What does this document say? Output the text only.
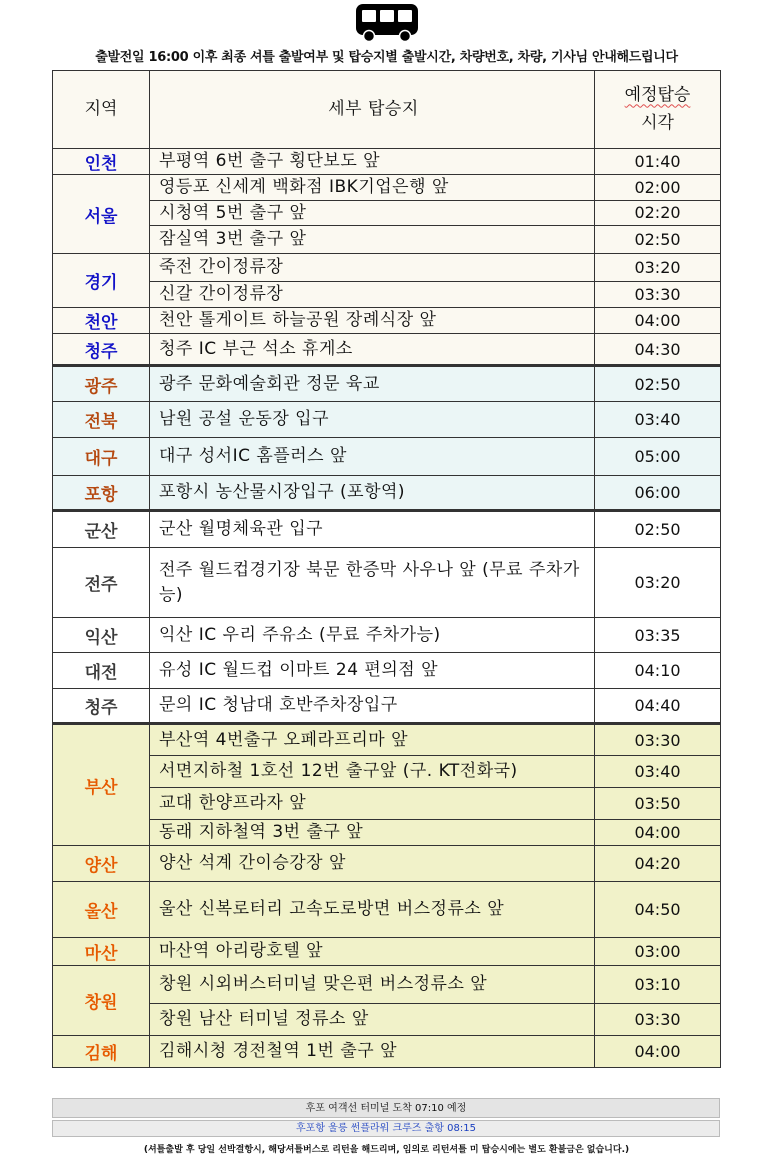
출발전일 16:00 이후 최종 셔틀 출발여부 및 탑승지별 출발시간, 차량번호, 차량, 기사님 안내해드립니다
지역	세부 탑승지	예정탑승
시각
인천	부평역 6번 출구 횡단보도 앞	01:40
서울	영등포 신세계 백화점 IBK기업은행 앞	02:00
	시청역 5번 출구 앞	02:20
	잠실역 3번 출구 앞	02:50
경기	죽전 간이정류장	03:20
	신갈 간이정류장	03:30
천안	천안 톨게이트 하늘공원 장례식장 앞	04:00
청주	청주 IC 부근 석소 휴게소	04:30
광주	광주 문화예술회관 정문 육교	02:50
전북	남원 공설 운동장 입구	03:40
대구	대구 성서IC 홈플러스 앞	05:00
포항	포항시 농산물시장입구 (포항역)	06:00
군산	군산 월명체육관 입구	02:50
전주	전주 월드컵경기장 북문 한증막 사우나 앞 (무료 주차가능)	03:20
익산	익산 IC 우리 주유소 (무료 주차가능)	03:35
대전	유성 IC 월드컵 이마트 24 편의점 앞	04:10
청주	문의 IC 청남대 호반주차장입구	04:40
부산	부산역 4번출구 오페라프리마 앞	03:30
	서면지하철 1호선 12번 출구앞 (구. KT전화국)	03:40
	교대 한양프라자 앞	03:50
	동래 지하철역 3번 출구 앞	04:00
양산	양산 석계 간이승강장 앞	04:20
울산	울산 신복로터리 고속도로방면 버스정류소 앞	04:50
마산	마산역 아리랑호텔 앞	03:00
창원	창원 시외버스터미널 맞은편 버스정류소 앞	03:10
	창원 남산 터미널 정류소 앞	03:30
김해	김해시청 경전철역 1번 출구 앞	04:00
후포 여객선 터미널 도착 07:10 예정
후포항 울릉 썬플라워 크루즈 출항 08:15
(셔틀출발 후 당일 선박결항시, 해당셔틀버스로 리턴을 해드리며, 임의로 리턴셔틀 미 탑승시에는 별도 환불금은 없습니다.)
